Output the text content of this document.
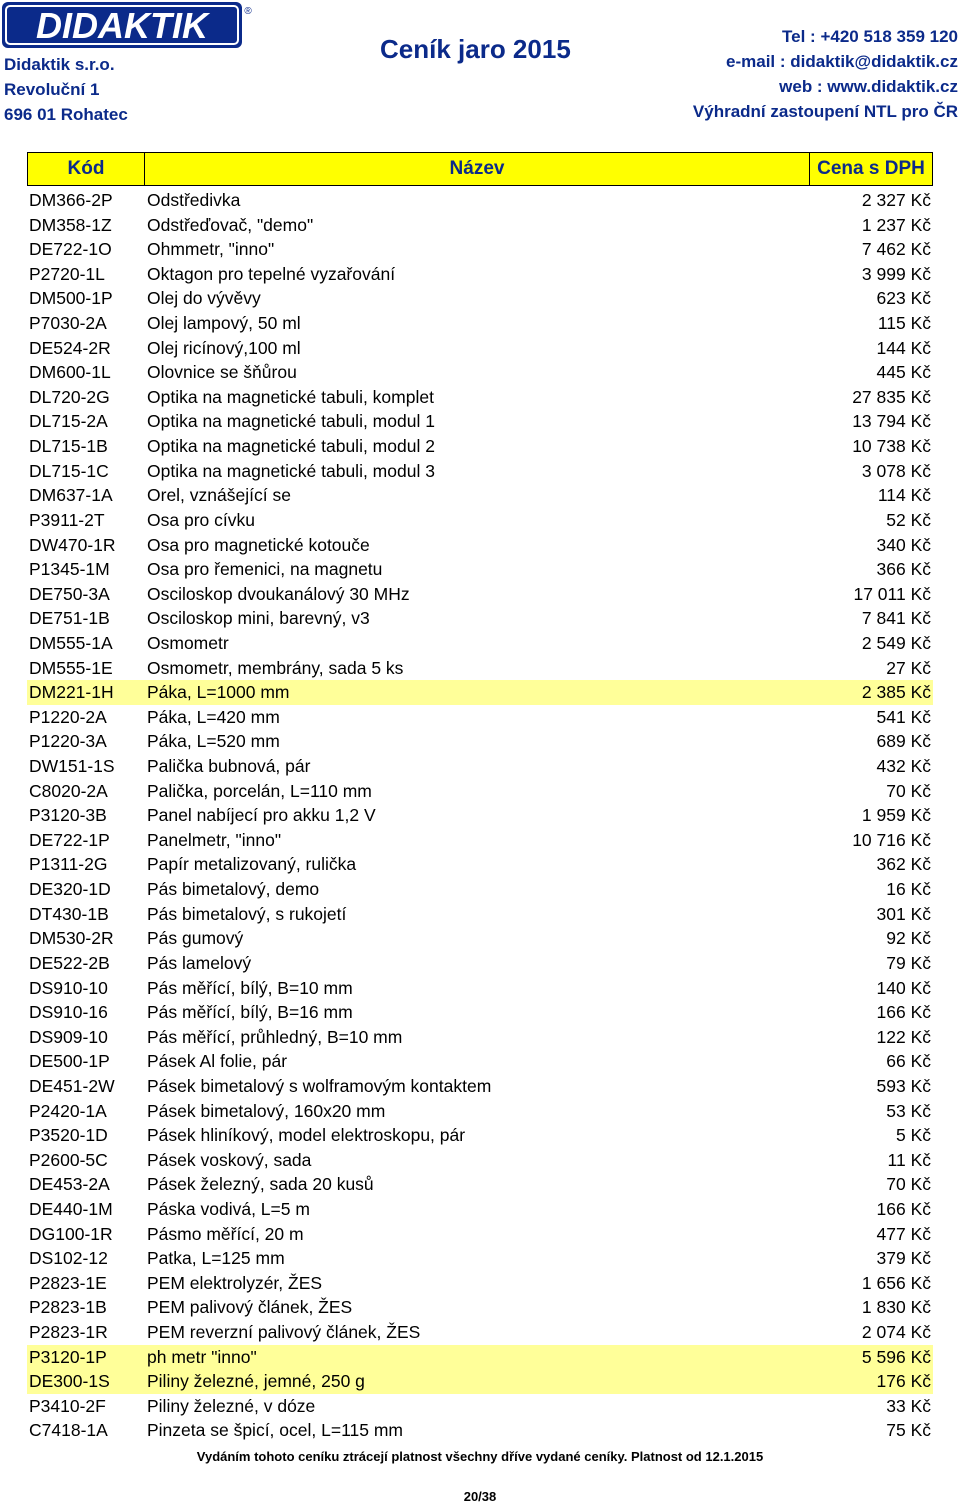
DIDAKTIK	®
Didaktik s.r.o.
Revoluční 1
696 01 Rohatec
Ceník jaro 2015	Tel : +420 518 359 120
e-mail : didaktik@didaktik.cz
web : www.didaktik.cz
Výhradní zastoupení NTL pro ČR
Kód	Název	Cena s DPH
DM366-2P Odstředivka	2 327 Kč
DM358-1Z Odstřeďovač, "demo"	1 237 Kč
DE722-1O Ohmmetr, "inno"	7 462 Kč
P2720-1L Oktagon pro tepelné vyzařování	3 999 Kč
DM500-1P Olej do vývěvy	623 Kč
P7030-2A Olej lampový, 50 ml	115 Kč
DE524-2R Olej ricínový,100 ml	144 Kč
DM600-1L Olovnice se šňůrou	445 Kč
DL720-2G Optika na magnetické tabuli, komplet	27 835 Kč
DL715-2A Optika na magnetické tabuli, modul 1	13 794 Kč
DL715-1B Optika na magnetické tabuli, modul 2	10 738 Kč
DL715-1C Optika na magnetické tabuli, modul 3	3 078 Kč
DM637-1A Orel, vznášející se	114 Kč
P3911-2T Osa pro cívku	52 Kč
DW470-1R Osa pro magnetické kotouče	340 Kč
P1345-1M Osa pro řemenici, na magnetu	366 Kč
DE750-3A Osciloskop dvoukanálový 30 MHz	17 011 Kč
DE751-1B Osciloskop mini, barevný, v3	7 841 Kč
DM555-1A Osmometr	2 549 Kč
DM555-1E Osmometr, membrány, sada 5 ks	27 Kč
DM221-1H Páka, L=1000 mm	2 385 Kč
P1220-2A Páka, L=420 mm	541 Kč
P1220-3A Páka, L=520 mm	689 Kč
DW151-1S Palička bubnová, pár	432 Kč
C8020-2A Palička, porcelán, L=110 mm	70 Kč
P3120-3B Panel nabíjecí pro akku 1,2 V	1 959 Kč
DE722-1P Panelmetr, "inno"	10 716 Kč
P1311-2G Papír metalizovaný, rulička	362 Kč
DE320-1D Pás bimetalový, demo	16 Kč
DT430-1B Pás bimetalový, s rukojetí	301 Kč
DM530-2R Pás gumový	92 Kč
DE522-2B Pás lamelový	79 Kč
DS910-10 Pás měřící, bílý, B=10 mm	140 Kč
DS910-16 Pás měřící, bílý, B=16 mm	166 Kč
DS909-10 Pás měřící, průhledný, B=10 mm	122 Kč
DE500-1P Pásek Al folie, pár	66 Kč
DE451-2W Pásek bimetalový s wolframovým kontaktem	593 Kč
P2420-1A Pásek bimetalový, 160x20 mm	53 Kč
P3520-1D Pásek hliníkový, model elektroskopu, pár	5 Kč
P2600-5C Pásek voskový, sada	11 Kč
DE453-2A Pásek železný, sada 20 kusů	70 Kč
DE440-1M Páska vodivá, L=5 m	166 Kč
DG100-1R Pásmo měřící, 20 m	477 Kč
DS102-12 Patka, L=125 mm	379 Kč
P2823-1E PEM elektrolyzér, ŽES	1 656 Kč
P2823-1B PEM palivový článek, ŽES	1 830 Kč
P2823-1R PEM reverzní palivový článek, ŽES	2 074 Kč
P3120-1P ph metr "inno"	5 596 Kč
DE300-1S Piliny železné, jemné, 250 g	176 Kč
P3410-2F Piliny železné, v dóze	33 Kč
C7418-1A Pinzeta se špicí, ocel, L=115 mm	75 Kč
Vydáním tohoto ceníku ztrácejí platnost všechny dříve vydané ceníky. Platnost od 12.1.2015
20/38
